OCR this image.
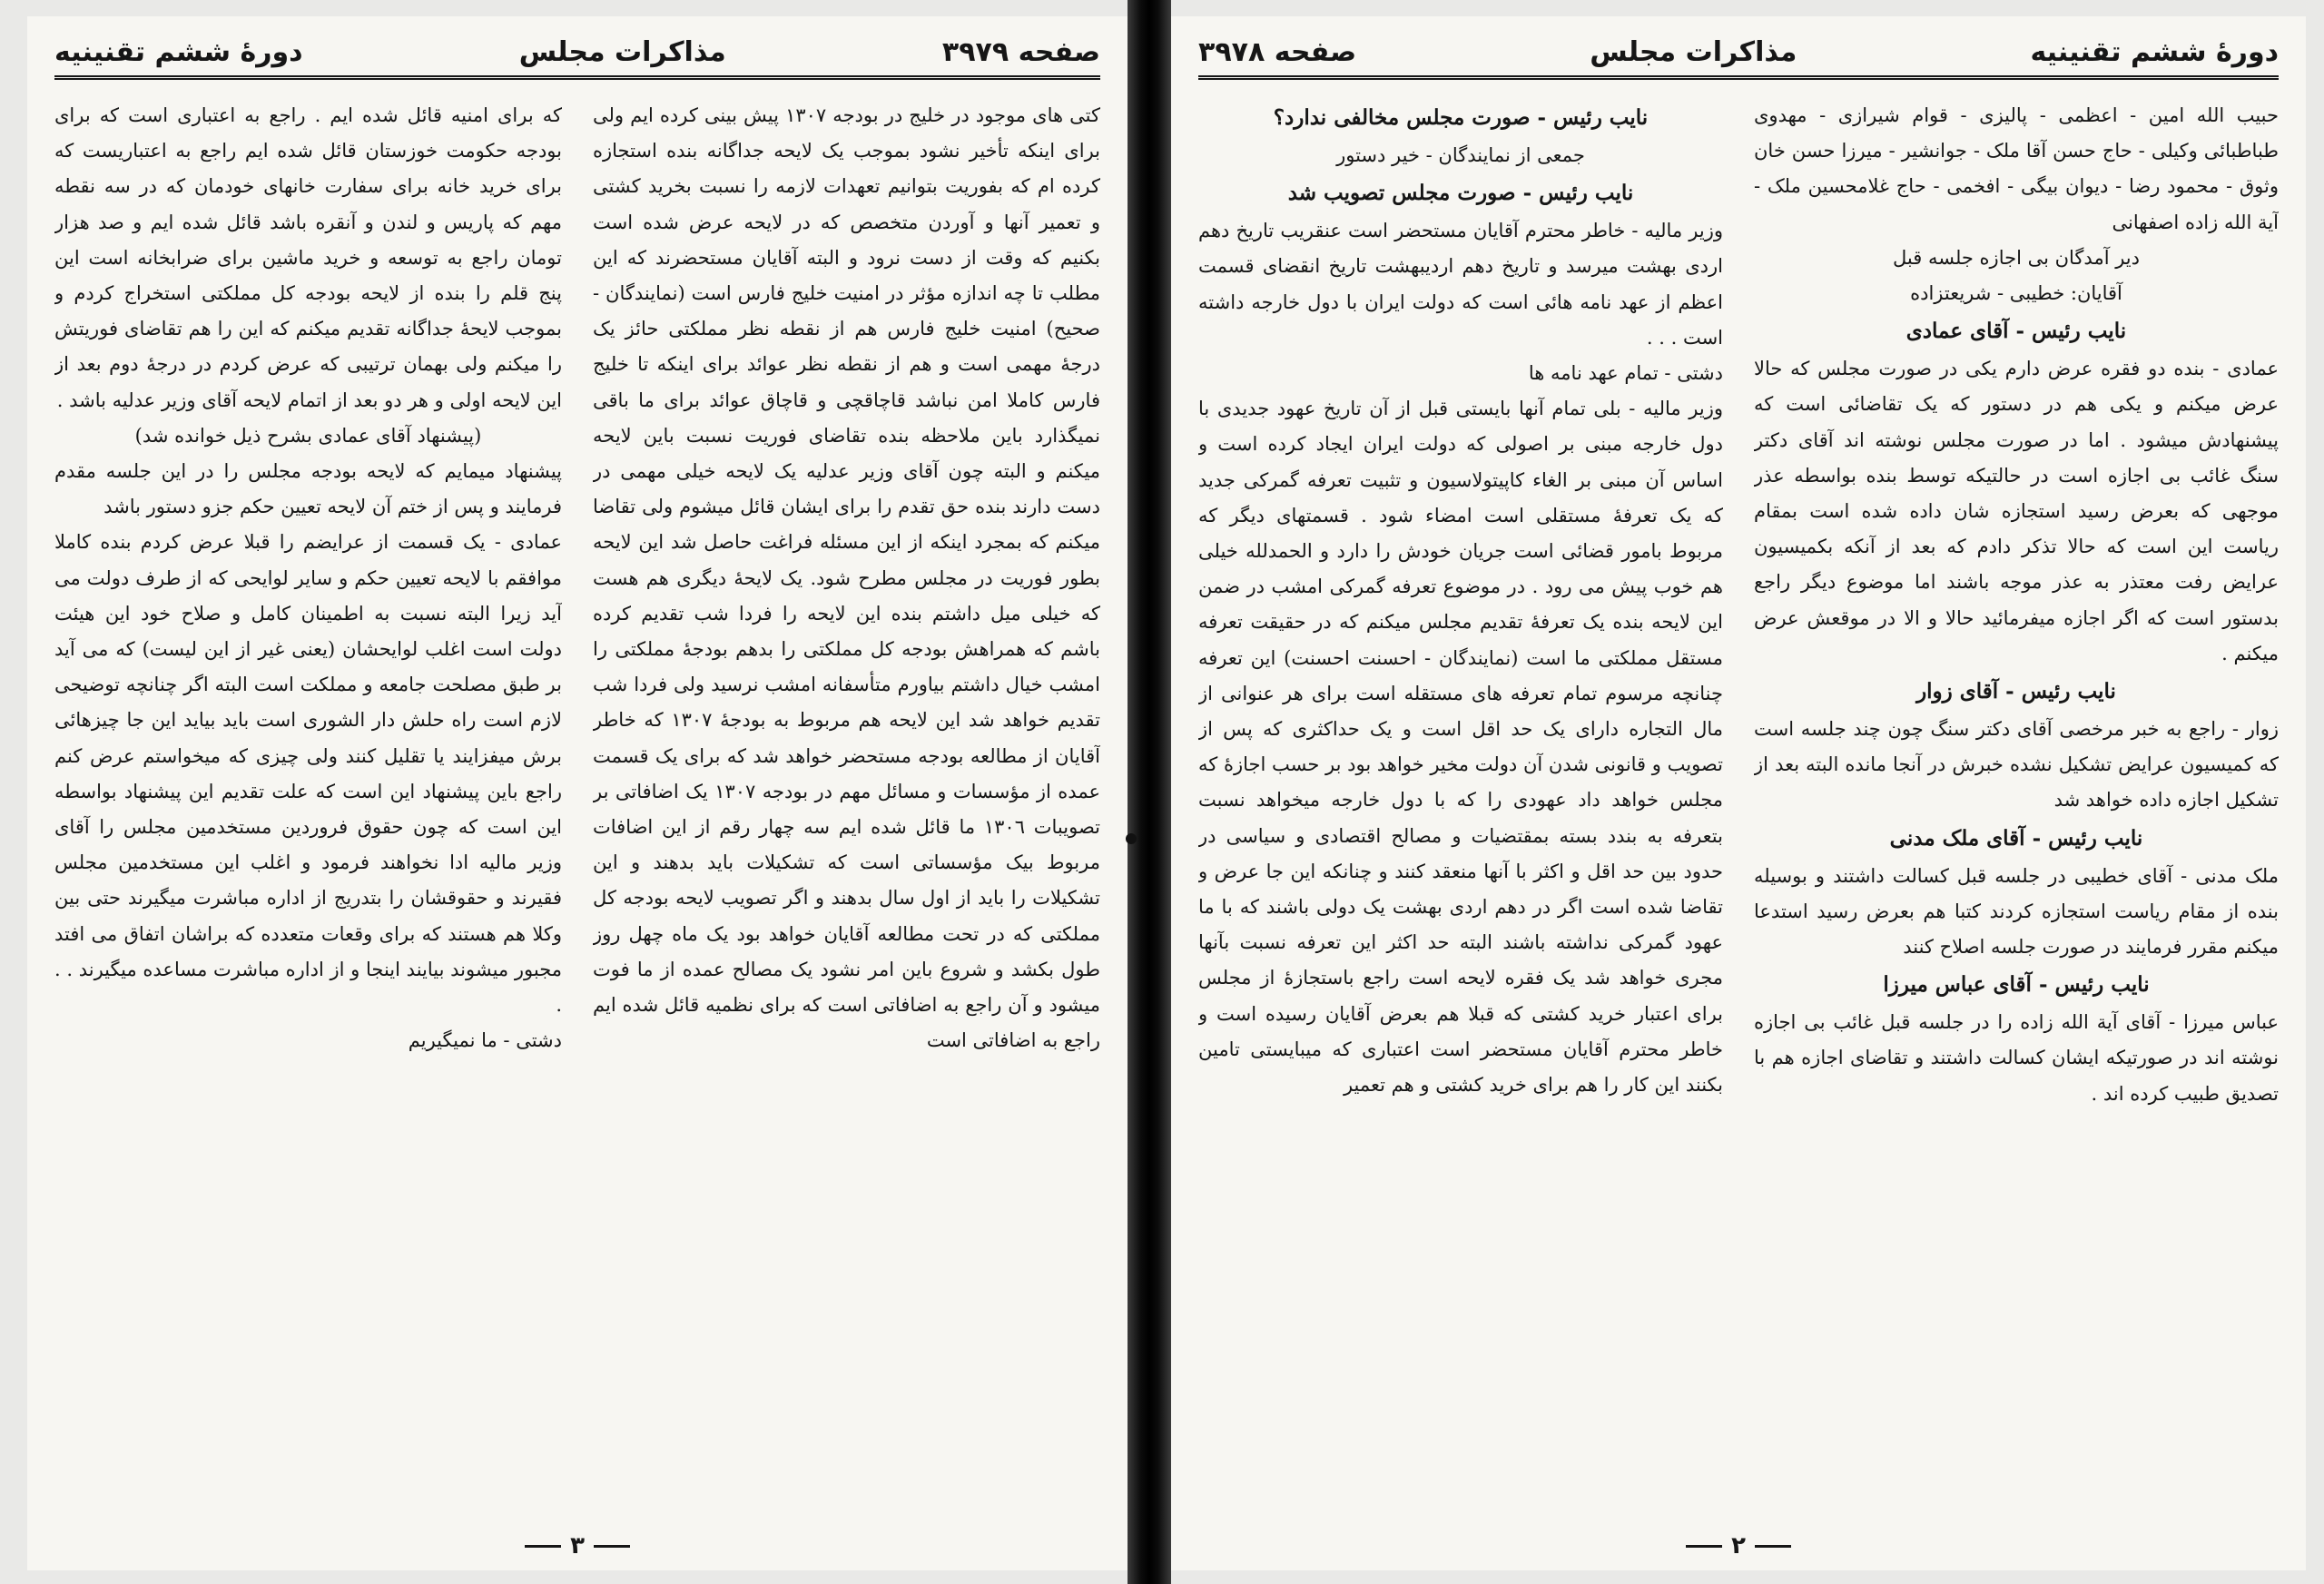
صفحه ٣٩٧٩
مذاکرات مجلس
دورهٔ ششم تقنینیه

کتی های موجود در خلیج در بودجه ١٣٠٧ پیش بینی کرده ایم ولی برای اینکه تأخیر نشود بموجب یک لایحه جداگانه بنده استجازه کرده ام که بفوریت بتوانیم تعهدات لازمه را نسبت بخرید کشتی و تعمیر آنها و آوردن متخصص که در لایحه عرض شده است بکنیم که وقت از دست نرود و البته آقایان مستحضرند که این مطلب تا چه اندازه مؤثر در امنیت خلیج فارس است (نمایندگان - صحیح) امنیت خلیج فارس هم از نقطه نظر مملکتی حائز یک درجهٔ مهمی است و هم از نقطه نظر عوائد برای اینکه تا خلیج فارس کاملا امن نباشد قاچاقچی و قاچاق عوائد برای ما باقی نمیگذارد باین ملاحظه بنده تقاضای فوریت نسبت باین لایحه میکنم و البته چون آقای وزیر عدلیه یک لایحه خیلی مهمی در دست دارند بنده حق تقدم را برای ایشان قائل میشوم ولی تقاضا میکنم که بمجرد اینکه از این مسئله فراغت حاصل شد این لایحه بطور فوریت در مجلس مطرح شود. یک لایحهٔ دیگری هم هست که خیلی میل داشتم بنده این لایحه را فردا شب تقدیم کرده باشم که همراهش بودجه کل مملکتی را بدهم بودجهٔ مملکتی را امشب خیال داشتم بیاورم متأسفانه امشب نرسید ولی فردا شب تقدیم خواهد شد این لایحه هم مربوط به بودجهٔ ١٣٠٧ که خاطر آقایان از مطالعه بودجه مستحضر خواهد شد که برای یک قسمت عمده از مؤسسات و مسائل مهم در بودجه ١٣٠٧ یک اضافاتی بر تصویبات ١٣٠٦ ما قائل شده ایم سه چهار رقم از این اضافات مربوط بیک مؤسساتی است که تشکیلات باید بدهند و این تشکیلات را باید از اول سال بدهند و اگر تصویب لایحه بودجه کل مملکتی که در تحت مطالعه آقایان خواهد بود یک ماه چهل روز طول بکشد و شروع باین امر نشود یک مصالح عمده از ما فوت میشود و آن راجع به اضافاتی است که برای نظمیه قائل شده ایم راجع به اضافاتی است

که برای امنیه قائل شده ایم . راجع به اعتباری است که برای بودجه حکومت خوزستان قائل شده ایم راجع به اعتباریست که برای خرید خانه برای سفارت خانهای خودمان که در سه نقطه مهم که پاریس و لندن و آنقره باشد قائل شده ایم و صد هزار تومان راجع به توسعه و خرید ماشین برای ضرابخانه است این پنج قلم را بنده از لایحه بودجه کل مملکتی استخراج کردم و بموجب لایحهٔ جداگانه تقدیم میکنم که این را هم تقاضای فوریتش را میکنم ولی بهمان ترتیبی که عرض کردم در درجهٔ دوم بعد از این لایحه اولی و هر دو بعد از اتمام لایحه آقای وزیر عدلیه باشد .

(پیشنهاد آقای عمادی بشرح ذیل خوانده شد)

پیشنهاد میمایم که لایحه بودجه مجلس را در این جلسه مقدم فرمایند و پس از ختم آن لایحه تعیین حکم جزو دستور باشد

عمادی - یک قسمت از عرایضم را قبلا عرض کردم بنده کاملا موافقم با لایحه تعیین حکم و سایر لوایحی که از طرف دولت می آید زیرا البته نسبت به اطمینان کامل و صلاح خود این هیئت دولت است اغلب لوایحشان (یعنی غیر از این لیست) که می آید بر طبق مصلحت جامعه و مملکت است البته اگر چنانچه توضیحی لازم است راه حلش دار الشوری است باید بیاید این جا چیزهائی برش میفزایند یا تقلیل کنند ولی چیزی که میخواستم عرض کنم راجع باین پیشنهاد این است که علت تقدیم این پیشنهاد بواسطه این است که چون حقوق فروردین مستخدمین مجلس را آقای وزیر مالیه ادا نخواهند فرمود و اغلب این مستخدمین مجلس فقیرند و حقوقشان را بتدریج از اداره مباشرت میگیرند حتی بین وکلا هم هستند که برای وقعات متعدده که براشان اتفاق می افتد مجبور میشوند بیایند اینجا و از اداره مباشرت مساعده میگیرند . . .

دشتی - ما نمیگیریم

٣
دورهٔ ششم تقنینیه
مذاکرات مجلس
صفحه ٣٩٧٨

حبیب الله امین - اعظمی - پالیزی - قوام شیرازی - مهدوی طباطبائی وکیلی - حاج حسن آقا ملک - جوانشیر - میرزا حسن خان وثوق - محمود رضا - دیوان بیگی - افخمی - حاج غلامحسین ملک - آیة الله زاده اصفهانی

دیر آمدگان بی اجازه جلسه قبل

آقایان: خطیبی - شریعتزاده

نایب رئیس - آقای عمادی

عمادی - بنده دو فقره عرض دارم یکی در صورت مجلس که حالا عرض میکنم و یکی هم در دستور که یک تقاضائی است که پیشنهادش میشود . اما در صورت مجلس نوشته اند آقای دکتر سنگ غائب بی اجازه است در حالتیکه توسط بنده بواسطه عذر موجهی که بعرض رسید استجازه شان داده شده است بمقام ریاست این است که حالا تذکر دادم که بعد از آنکه بکمیسیون عرایض رفت معتذر به عذر موجه باشند اما موضوع دیگر راجع بدستور است که اگر اجازه میفرمائید حالا و الا در موقعش عرض میکنم .

نایب رئیس - آقای زوار

زوار - راجع به خبر مرخصی آقای دکتر سنگ چون چند جلسه است که کمیسیون عرایض تشکیل نشده خبرش در آنجا مانده البته بعد از تشکیل اجازه داده خواهد شد

نایب رئیس - آقای ملک مدنی

ملک مدنی - آقای خطیبی در جلسه قبل کسالت داشتند و بوسیله بنده از مقام ریاست استجازه کردند کتبا هم بعرض رسید استدعا میکنم مقرر فرمایند در صورت جلسه اصلاح کنند

نایب رئیس - آقای عباس میرزا

عباس میرزا - آقای آیة الله زاده را در جلسه قبل غائب بی اجازه نوشته اند در صورتیکه ایشان کسالت داشتند و تقاضای اجازه هم با تصدیق طبیب کرده اند .

نایب رئیس - صورت مجلس مخالفی ندارد؟

جمعی از نمایندگان - خیر دستور

نایب رئیس - صورت مجلس تصویب شد

وزیر مالیه - خاطر محترم آقایان مستحضر است عنقریب تاریخ دهم اردی بهشت میرسد و تاریخ دهم اردیبهشت تاریخ انقضای قسمت اعظم از عهد نامه هائی است که دولت ایران با دول خارجه داشته است . . .

دشتی - تمام عهد نامه ها

وزیر مالیه - بلی تمام آنها بایستی قبل از آن تاریخ عهود جدیدی با دول خارجه مبنی بر اصولی که دولت ایران ایجاد کرده است و اساس آن مبنی بر الغاء کاپیتولاسیون و تثبیت تعرفه گمرکی جدید که یک تعرفهٔ مستقلی است امضاء شود . قسمتهای دیگر که مربوط بامور قضائی است جریان خودش را دارد و الحمدلله خیلی هم خوب پیش می رود . در موضوع تعرفه گمرکی امشب در ضمن این لایحه بنده یک تعرفهٔ تقدیم مجلس میکنم که در حقیقت تعرفه مستقل مملکتی ما است (نمایندگان - احسنت احسنت) این تعرفه چنانچه مرسوم تمام تعرفه های مستقله است برای هر عنوانی از مال التجاره دارای یک حد اقل است و یک حداکثری که پس از تصویب و قانونی شدن آن دولت مخیر خواهد بود بر حسب اجازهٔ که مجلس خواهد داد عهودی را که با دول خارجه میخواهد نسبت بتعرفه به بندد بسته بمقتضیات و مصالح اقتصادی و سیاسی در حدود بین حد اقل و اکثر با آنها منعقد کنند و چنانکه این جا عرض و تقاضا شده است اگر در دهم اردی بهشت یک دولی باشند که با ما عهود گمرکی نداشته باشند البته حد اکثر این تعرفه نسبت بآنها مجری خواهد شد یک فقره لایحه است راجع باستجازهٔ از مجلس برای اعتبار خرید کشتی که قبلا هم بعرض آقایان رسیده است و خاطر محترم آقایان مستحضر است اعتباری که میبایستی تامین بکنند این کار را هم برای خرید کشتی و هم تعمیر

٢
